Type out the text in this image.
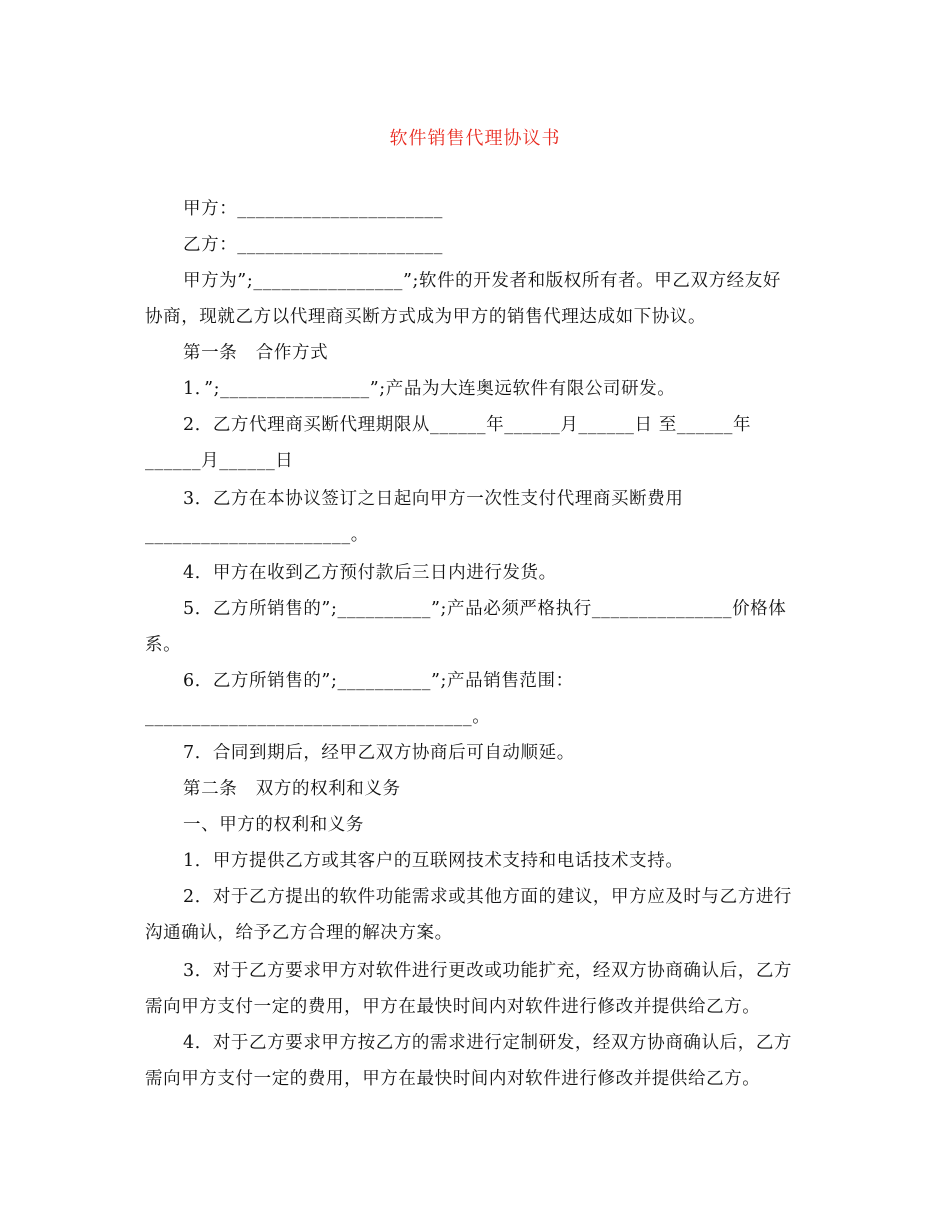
软件销售代理协议书
甲方：______________________
乙方：______________________
甲方为”;________________”;软件的开发者和版权所有者。甲乙双方经友好
协商，现就乙方以代理商买断方式成为甲方的销售代理达成如下协议。
第一条   合作方式
1．”;________________”;产品为大连奥远软件有限公司研发。
2．乙方代理商买断代理期限从______年______月______日 至______年
______月______日
3．乙方在本协议签订之日起向甲方一次性支付代理商买断费用
______________________。
4．甲方在收到乙方预付款后三日内进行发货。
5．乙方所销售的”;__________”;产品必须严格执行_______________价格体
系。
6．乙方所销售的”;__________”;产品销售范围：
___________________________________。
7．合同到期后，经甲乙双方协商后可自动顺延。
第二条   双方的权利和义务
一、甲方的权利和义务
1．甲方提供乙方或其客户的互联网技术支持和电话技术支持。
2．对于乙方提出的软件功能需求或其他方面的建议，甲方应及时与乙方进行
沟通确认，给予乙方合理的解决方案。
3．对于乙方要求甲方对软件进行更改或功能扩充，经双方协商确认后，乙方
需向甲方支付一定的费用，甲方在最快时间内对软件进行修改并提供给乙方。
4．对于乙方要求甲方按乙方的需求进行定制研发，经双方协商确认后，乙方
需向甲方支付一定的费用，甲方在最快时间内对软件进行修改并提供给乙方。
